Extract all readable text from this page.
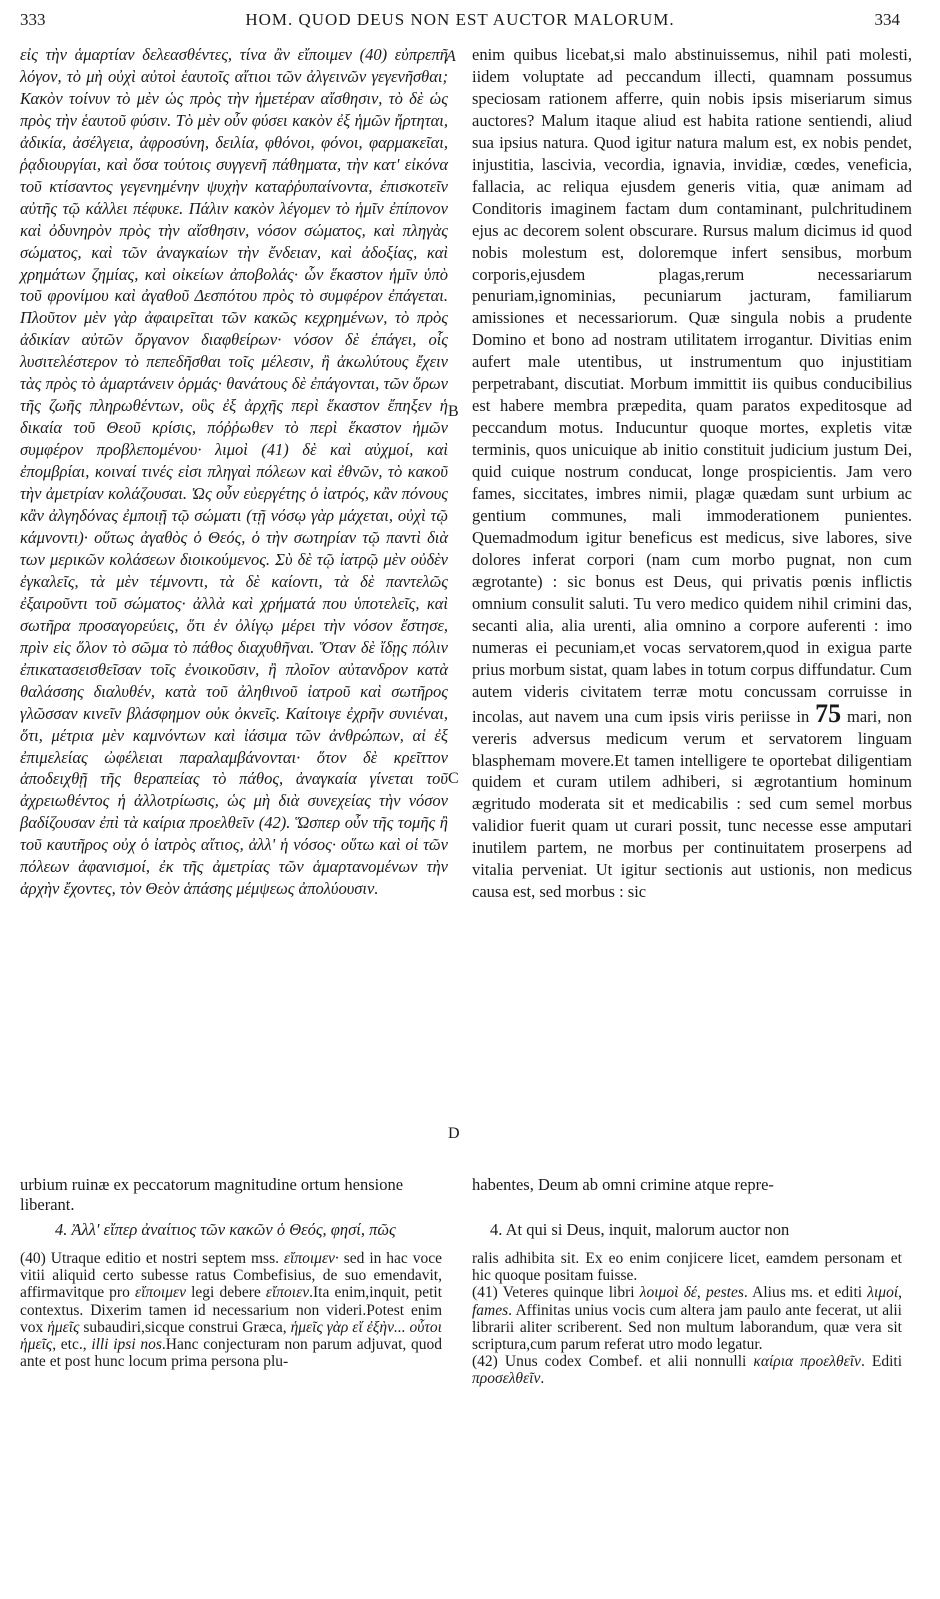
333	HOM. QUOD DEUS NON EST AUCTOR MALORUM.	334

εἰς τὴν ἁμαρτίαν δελεασθέντες, τίνα ἂν εἴποιμεν (40) εὐπρεπῆ λόγον, τὸ μὴ οὐχὶ αὐτοὶ ἑαυτοῖς αἴτιοι τῶν ἀλγεινῶν γεγενῆσθαι; Κακὸν τοίνυν τὸ μὲν ὡς πρὸς τὴν ἡμετέραν αἴσθησιν, τὸ δὲ ὡς πρὸς τὴν ἑαυτοῦ φύσιν. Τὸ μὲν οὖν φύσει κακὸν ἐξ ἡμῶν ἤρτηται, ἀδικία, ἀσέλγεια, ἀφροσύνη, δειλία, φθόνοι, φόνοι, φαρμακεῖαι, ῥᾳδιουργίαι, καὶ ὅσα τούτοις συγγενῆ πάθηματα, τὴν κατ' εἰκόνα τοῦ κτίσαντος γεγενημένην ψυχὴν καταῤῥυπαίνοντα, ἐπισκοτεῖν αὐτῆς τῷ κάλλει πέφυκε. Πάλιν κακὸν λέγομεν τὸ ἡμῖν ἐπίπονον καὶ ὀδυνηρὸν πρὸς τὴν αἴσθησιν, νόσον σώματος, καὶ πληγὰς σώματος, καὶ τῶν ἀναγκαίων τὴν ἔνδειαν, καὶ ἀδοξίας, καὶ χρημάτων ζημίας, καὶ οἰκείων ἀποβολάς· ὧν ἕκαστον ἡμῖν ὑπὸ τοῦ φρονίμου καὶ ἀγαθοῦ Δεσπότου πρὸς τὸ συμφέρον ἐπάγεται. Πλοῦτον μὲν γὰρ ἀφαιρεῖται τῶν κακῶς κεχρημένων, τὸ πρὸς ἀδικίαν αὐτῶν ὄργανον διαφθείρων· νόσον δὲ ἐπάγει, οἷς λυσιτελέστερον τὸ πεπεδῆσθαι τοῖς μέλεσιν, ἢ ἀκωλύτους ἔχειν τὰς πρὸς τὸ ἁμαρτάνειν ὁρμάς· θανάτους δὲ ἐπάγονται, τῶν ὅρων τῆς ζωῆς πληρωθέντων, οὓς ἐξ ἀρχῆς περὶ ἕκαστον ἔπηξεν ἡ δικαία τοῦ Θεοῦ κρίσις, πόῤῥωθεν τὸ περὶ ἕκαστον ἡμῶν συμφέρον προβλεπομένου· λιμοὶ (41) δὲ καὶ αὐχμοί, καὶ ἐπομβρίαι, κοιναί τινές εἰσι πληγαὶ πόλεων καὶ ἐθνῶν, τὸ κακοῦ τὴν ἀμετρίαν κολάζουσαι. Ὡς οὖν εὐεργέτης ὁ ἰατρός, κἂν πόνους κἂν ἀλγηδόνας ἐμποιῇ τῷ σώματι (τῇ νόσῳ γὰρ μάχεται, οὐχὶ τῷ κάμνοντι)· οὕτως ἀγαθὸς ὁ Θεός, ὁ τὴν σωτηρίαν τῷ παντὶ διὰ των μερικῶν κολάσεων διοικούμενος. Σὺ δὲ τῷ ἰατρῷ μὲν οὐδὲν ἐγκαλεῖς, τὰ μὲν τέμνοντι, τὰ δὲ καίοντι, τὰ δὲ παντελῶς ἐξαιροῦντι τοῦ σώματος· ἀλλὰ καὶ χρήματά που ὑποτελεῖς, καὶ σωτῆρα προσαγορεύεις, ὅτι ἐν ὀλίγῳ μέρει τὴν νόσον ἔστησε, πρὶν εἰς ὅλον τὸ σῶμα τὸ πάθος διαχυθῆναι. Ὅταν δὲ ἴδῃς πόλιν ἐπικατασεισθεῖσαν τοῖς ἐνοικοῦσιν, ἢ πλοῖον αὐτανδρον κατὰ θαλάσσης διαλυθέν, κατὰ τοῦ ἀληθινοῦ ἰατροῦ καὶ σωτῆρος γλῶσσαν κινεῖν βλάσφημον οὐκ ὀκνεῖς. Καίτοιγε ἐχρῆν συνιέναι, ὅτι, μέτρια μὲν καμνόντων καὶ ἰάσιμα τῶν ἀνθρώπων, αἱ ἐξ ἐπιμελείας ὠφέλειαι παραλαμβάνονται· ὅτον δὲ κρεῖττον ἀποδειχθῇ τῆς θεραπείας τὸ πάθος, ἀναγκαία γίνεται τοῦ ἀχρειωθέντος ἡ ἀλλοτρίωσις, ὡς μὴ διὰ συνεχείας τὴν νόσον βαδίζουσαν ἐπὶ τὰ καίρια προελθεῖν (42). Ὥσπερ οὖν τῆς τομῆς ἢ τοῦ καυτῆρος οὐχ ὁ ἰατρὸς αἴτιος, ἀλλ' ἡ νόσος· οὕτω καὶ οἱ τῶν πόλεων ἀφανισμοί, ἐκ τῆς ἀμετρίας τῶν ἁμαρτανομένων τὴν ἀρχὴν ἔχοντες, τὸν Θεὸν ἁπάσης μέμψεως ἀπολύουσιν.

A
B
C
D

enim quibus licebat,si malo abstinuissemus, nihil pati molesti, iidem voluptate ad peccandum illecti, quamnam possumus speciosam rationem afferre, quin nobis ipsis miseriarum simus auctores? Malum itaque aliud est habita ratione sentiendi, aliud sua ipsius natura. Quod igitur natura malum est, ex nobis pendet, injustitia, lascivia, vecordia, ignavia, invidiæ, cœdes, veneficia, fallacia, ac reliqua ejusdem generis vitia, quæ animam ad Conditoris imaginem factam dum contaminant, pulchritudinem ejus ac decorem solent obscurare. Rursus malum dicimus id quod nobis molestum est, doloremque infert sensibus, morbum corporis,ejusdem plagas,rerum necessariarum penuriam,ignominias, pecuniarum jacturam, familiarum amissiones et necessariorum. Quæ singula nobis a prudente Domino et bono ad nostram utilitatem irrogantur. Divitias enim aufert male utentibus, ut instrumentum quo injustitiam perpetrabant, discutiat. Morbum immittit iis quibus conducibilius est habere membra præpedita, quam paratos expeditosque ad peccandum motus. Inducuntur quoque mortes, expletis vitæ terminis, quos unicuique ab initio constituit judicium justum Dei, quid cuique nostrum conducat, longe prospicientis. Jam vero fames, siccitates, imbres nimii, plagæ quædam sunt urbium ac gentium communes, mali immoderationem punientes. Quemadmodum igitur beneficus est medicus, sive labores, sive dolores inferat corpori (nam cum morbo pugnat, non cum ægrotante) : sic bonus est Deus, qui privatis pœnis inflictis omnium consulit saluti. Tu vero medico quidem nihil crimini das, secanti alia, alia urenti, alia omnino a corpore auferenti : imo numeras ei pecuniam,et vocas servatorem,quod in exigua parte prius morbum sistat, quam labes in totum corpus diffundatur. Cum autem videris civitatem terræ motu concussam corruisse in incolas, aut navem una cum ipsis viris periisse in 75 mari, non vereris adversus medicum verum et servatorem linguam blasphemam movere.Et tamen intelligere te oportebat diligentiam quidem et curam utilem adhiberi, si ægrotantium hominum ægritudo moderata sit et medicabilis : sed cum semel morbus validior fuerit quam ut curari possit, tunc necesse esse amputari inutilem partem, ne morbus per continuitatem proserpens ad vitalia perveniat. Ut igitur sectionis aut ustionis, non medicus causa est, sed morbus : sic

urbium ruinæ ex peccatorum magnitudine ortum hensione liberant.
habentes, Deum ab omni crimine atque repre-
4. Ἀλλ' εἴπερ ἀναίτιος τῶν κακῶν ὁ Θεός, φησί, πῶς	4. At qui si Deus, inquit, malorum auctor non

(40) Utraque editio et nostri septem mss. εἴποιμεν· sed in hac voce vitii aliquid certo subesse ratus Combefisius, de suo emendavit, affirmavitque pro εἴποιμεν legi debere εἴποιεν.Ita enim,inquit, petit contextus. Dixerim tamen id necessarium non videri.Potest enim vox ἡμεῖς subaudiri,sicque construi Græca, ἡμεῖς γὰρ εἴ ἐξὴν... οὗτοι ἡμεῖς, etc., illi ipsi nos.Hanc conjecturam non parum adjuvat, quod ante et post hunc locum prima persona plu-

ralis adhibita sit. Ex eo enim conjicere licet, eamdem personam et hic quoque positam fuisse.

(41) Veteres quinque libri λοιμοὶ δέ, pestes. Alius ms. et editi λιμοί, fames. Affinitas unius vocis cum altera jam paulo ante fecerat, ut alii librarii aliter scriberent. Sed non multum laborandum, quæ vera sit scriptura,cum parum referat utro modo legatur.

(42) Unus codex Combef. et alii nonnulli καίρια προελθεῖν. Editi προσελθεῖν.
